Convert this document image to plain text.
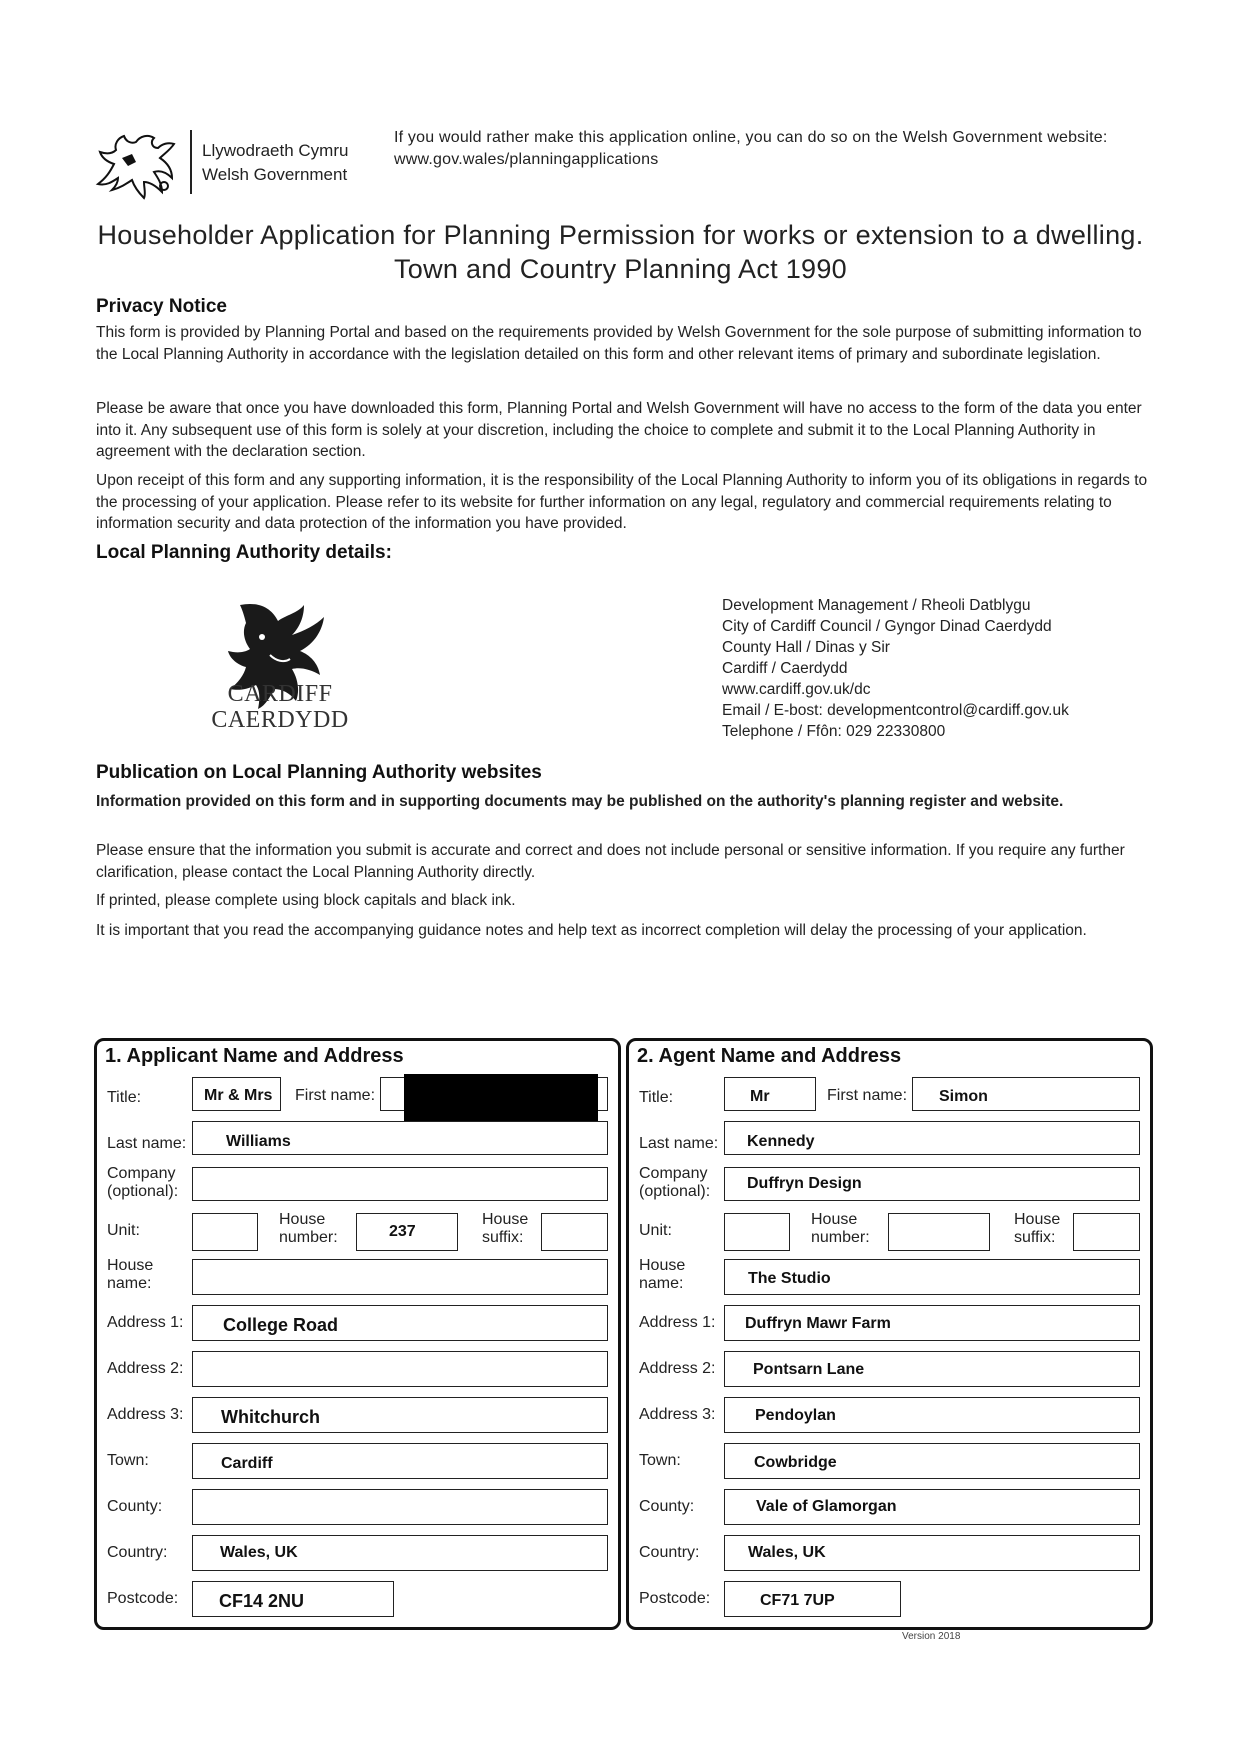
Llywodraeth Cymru
Welsh Government
If you would rather make this application online, you can do so on the Welsh Government website:
www.gov.wales/planningapplications
Householder Application for Planning Permission for works or extension to a dwelling.
Town and Country Planning Act 1990
Privacy Notice
This form is provided by Planning Portal and based on the requirements provided by Welsh Government for the sole purpose of submitting information to the Local Planning Authority in accordance with the legislation detailed on this form and other relevant items of primary and subordinate legislation.
Please be aware that once you have downloaded this form, Planning Portal and Welsh Government will have no access to the form of the data you enter into it. Any subsequent use of this form is solely at your discretion, including the choice to complete and submit it to the Local Planning Authority in agreement with the declaration section.
Upon receipt of this form and any supporting information, it is the responsibility of the Local Planning Authority to inform you of its obligations in regards to the processing of your application. Please refer to its website for further information on any legal, regulatory and commercial requirements relating to information security and data protection of the information you have provided.
Local Planning Authority details:
CARDIFF
CAERDYDD
Development Management / Rheoli Datblygu
City of Cardiff Council / Gyngor Dinad Caerdydd
County Hall / Dinas y Sir
Cardiff / Caerdydd
www.cardiff.gov.uk/dc
Email / E-bost: developmentcontrol@cardiff.gov.uk
Telephone / Ffôn: 029 22330800
Publication on Local Planning Authority websites
Information provided on this form and in supporting documents may be published on the authority's planning register and website.
Please ensure that the information you submit is accurate and correct and does not include personal or sensitive information. If you require any further clarification, please contact the Local Planning Authority directly.
If printed, please complete using block capitals and black ink.
It is important that you read the accompanying guidance notes and help text as incorrect completion will delay the processing of your application.
1. Applicant Name and Address
Title:	Mr & Mrs First name:
Last name: Williams
Company
(optional):
Unit:
House
number:	237
House
suffix:
House
name:
Address 1: College Road
Address 2:
Address 3: Whitchurch
Town:	Cardiff
County:
Country:	Wales, UK
Postcode: CF14 2NU
2. Agent Name and Address
Title:	Mr	First name: Simon
Last name: Kennedy
Company
(optional): Duffryn Design
Unit:
House
number:
House
suffix:
House
name:	The Studio
Address 1: Duffryn Mawr Farm
Address 2: Pontsarn Lane
Address 3: Pendoylan
Town:	Cowbridge
County:	Vale of Glamorgan
Country:	Wales, UK
Postcode:	CF71 7UP
Version 2018
